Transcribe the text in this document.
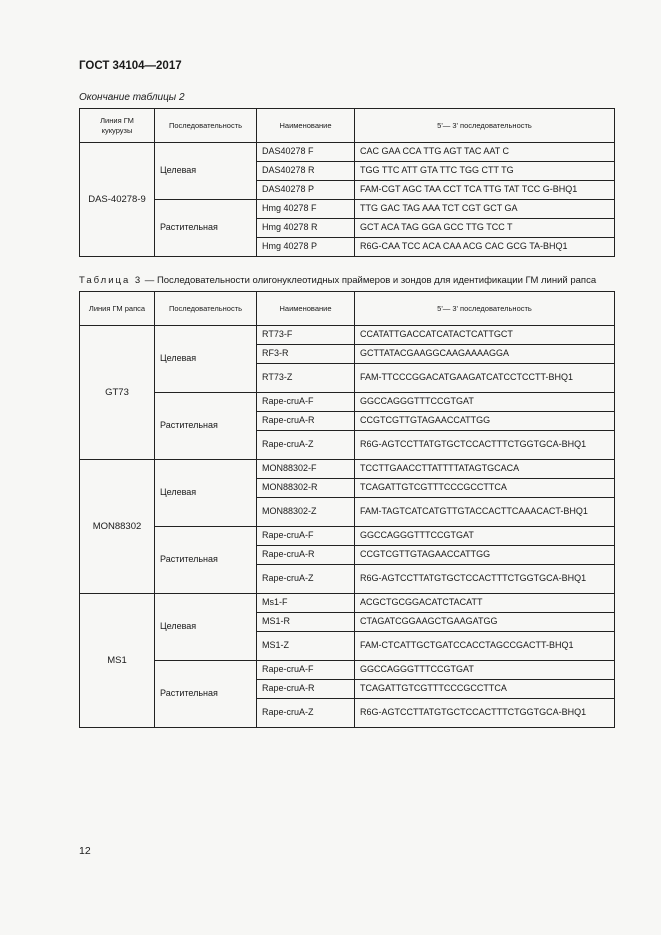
ГОСТ 34104—2017
Окончание таблицы 2
Линия ГМ кукурузы	Последовательность	Наименование	5'— 3' последовательность
DAS-40278-9	Целевая	DAS40278 F	CAC GAA CCA TTG AGT TAC AAT C
		DAS40278 R	TGG TTC ATT GTA TTC TGG CTT TG
		DAS40278 P	FAM-CGT AGC TAA CCT TCA TTG TAT TCC G-BHQ1
	Растительная	Hmg 40278 F	TTG GAC TAG AAA TCT CGT GCT GA
		Hmg 40278 R	GCT ACA TAG GGA GCC TTG TCC T
		Hmg 40278 P	R6G-CAA TCC ACA CAA ACG CAC GCG TA-BHQ1
Таблица 3 — Последовательности олигонуклеотидных праймеров и зондов для идентификации ГМ линий рапса
Линия ГМ рапса	Последовательность	Наименование	5'— 3' последовательность
GT73	Целевая	RT73-F	CCATATTGACCATCATACTCATTGCT
		RF3-R	GCTTATACGAAGGCAAGAAAAGGA
		RT73-Z	FAM-TTCCCGGACATGAAGATCATCCTCCTT-BHQ1
	Растительная	Rape-cruA-F	GGCCAGGGTTTCCGTGAT
		Rape-cruA-R	CCGTCGTTGTAGAACCATTGG
		Rape-cruA-Z	R6G-AGTCCTTATGTGCTCCACTTTCTGGTGCA-BHQ1
MON88302	Целевая	MON88302-F	TCCTTGAACCTTATTTTATAGTGCACA
		MON88302-R	TCAGATTGTCGTTTCCCGCCTTCA
		MON88302-Z	FAM-TAGTCATCATGTTGTACCACTTCAAACACT-BHQ1
	Растительная	Rape-cruA-F	GGCCAGGGTTTCCGTGAT
		Rape-cruA-R	CCGTCGTTGTAGAACCATTGG
		Rape-cruA-Z	R6G-AGTCCTTATGTGCTCCACTTTCTGGTGCA-BHQ1
MS1	Целевая	Ms1-F	ACGCTGCGGACATCTACATT
		MS1-R	CTAGATCGGAAGCTGAAGATGG
		MS1-Z	FAM-CTCATTGCTGATCCACCTAGCCGACTT-BHQ1
	Растительная	Rape-cruA-F	GGCCAGGGTTTCCGTGAT
		Rape-cruA-R	TCAGATTGTCGTTTCCCGCCTTCA
		Rape-cruA-Z	R6G-AGTCCTTATGTGCTCCACTTTCTGGTGCA-BHQ1
12
